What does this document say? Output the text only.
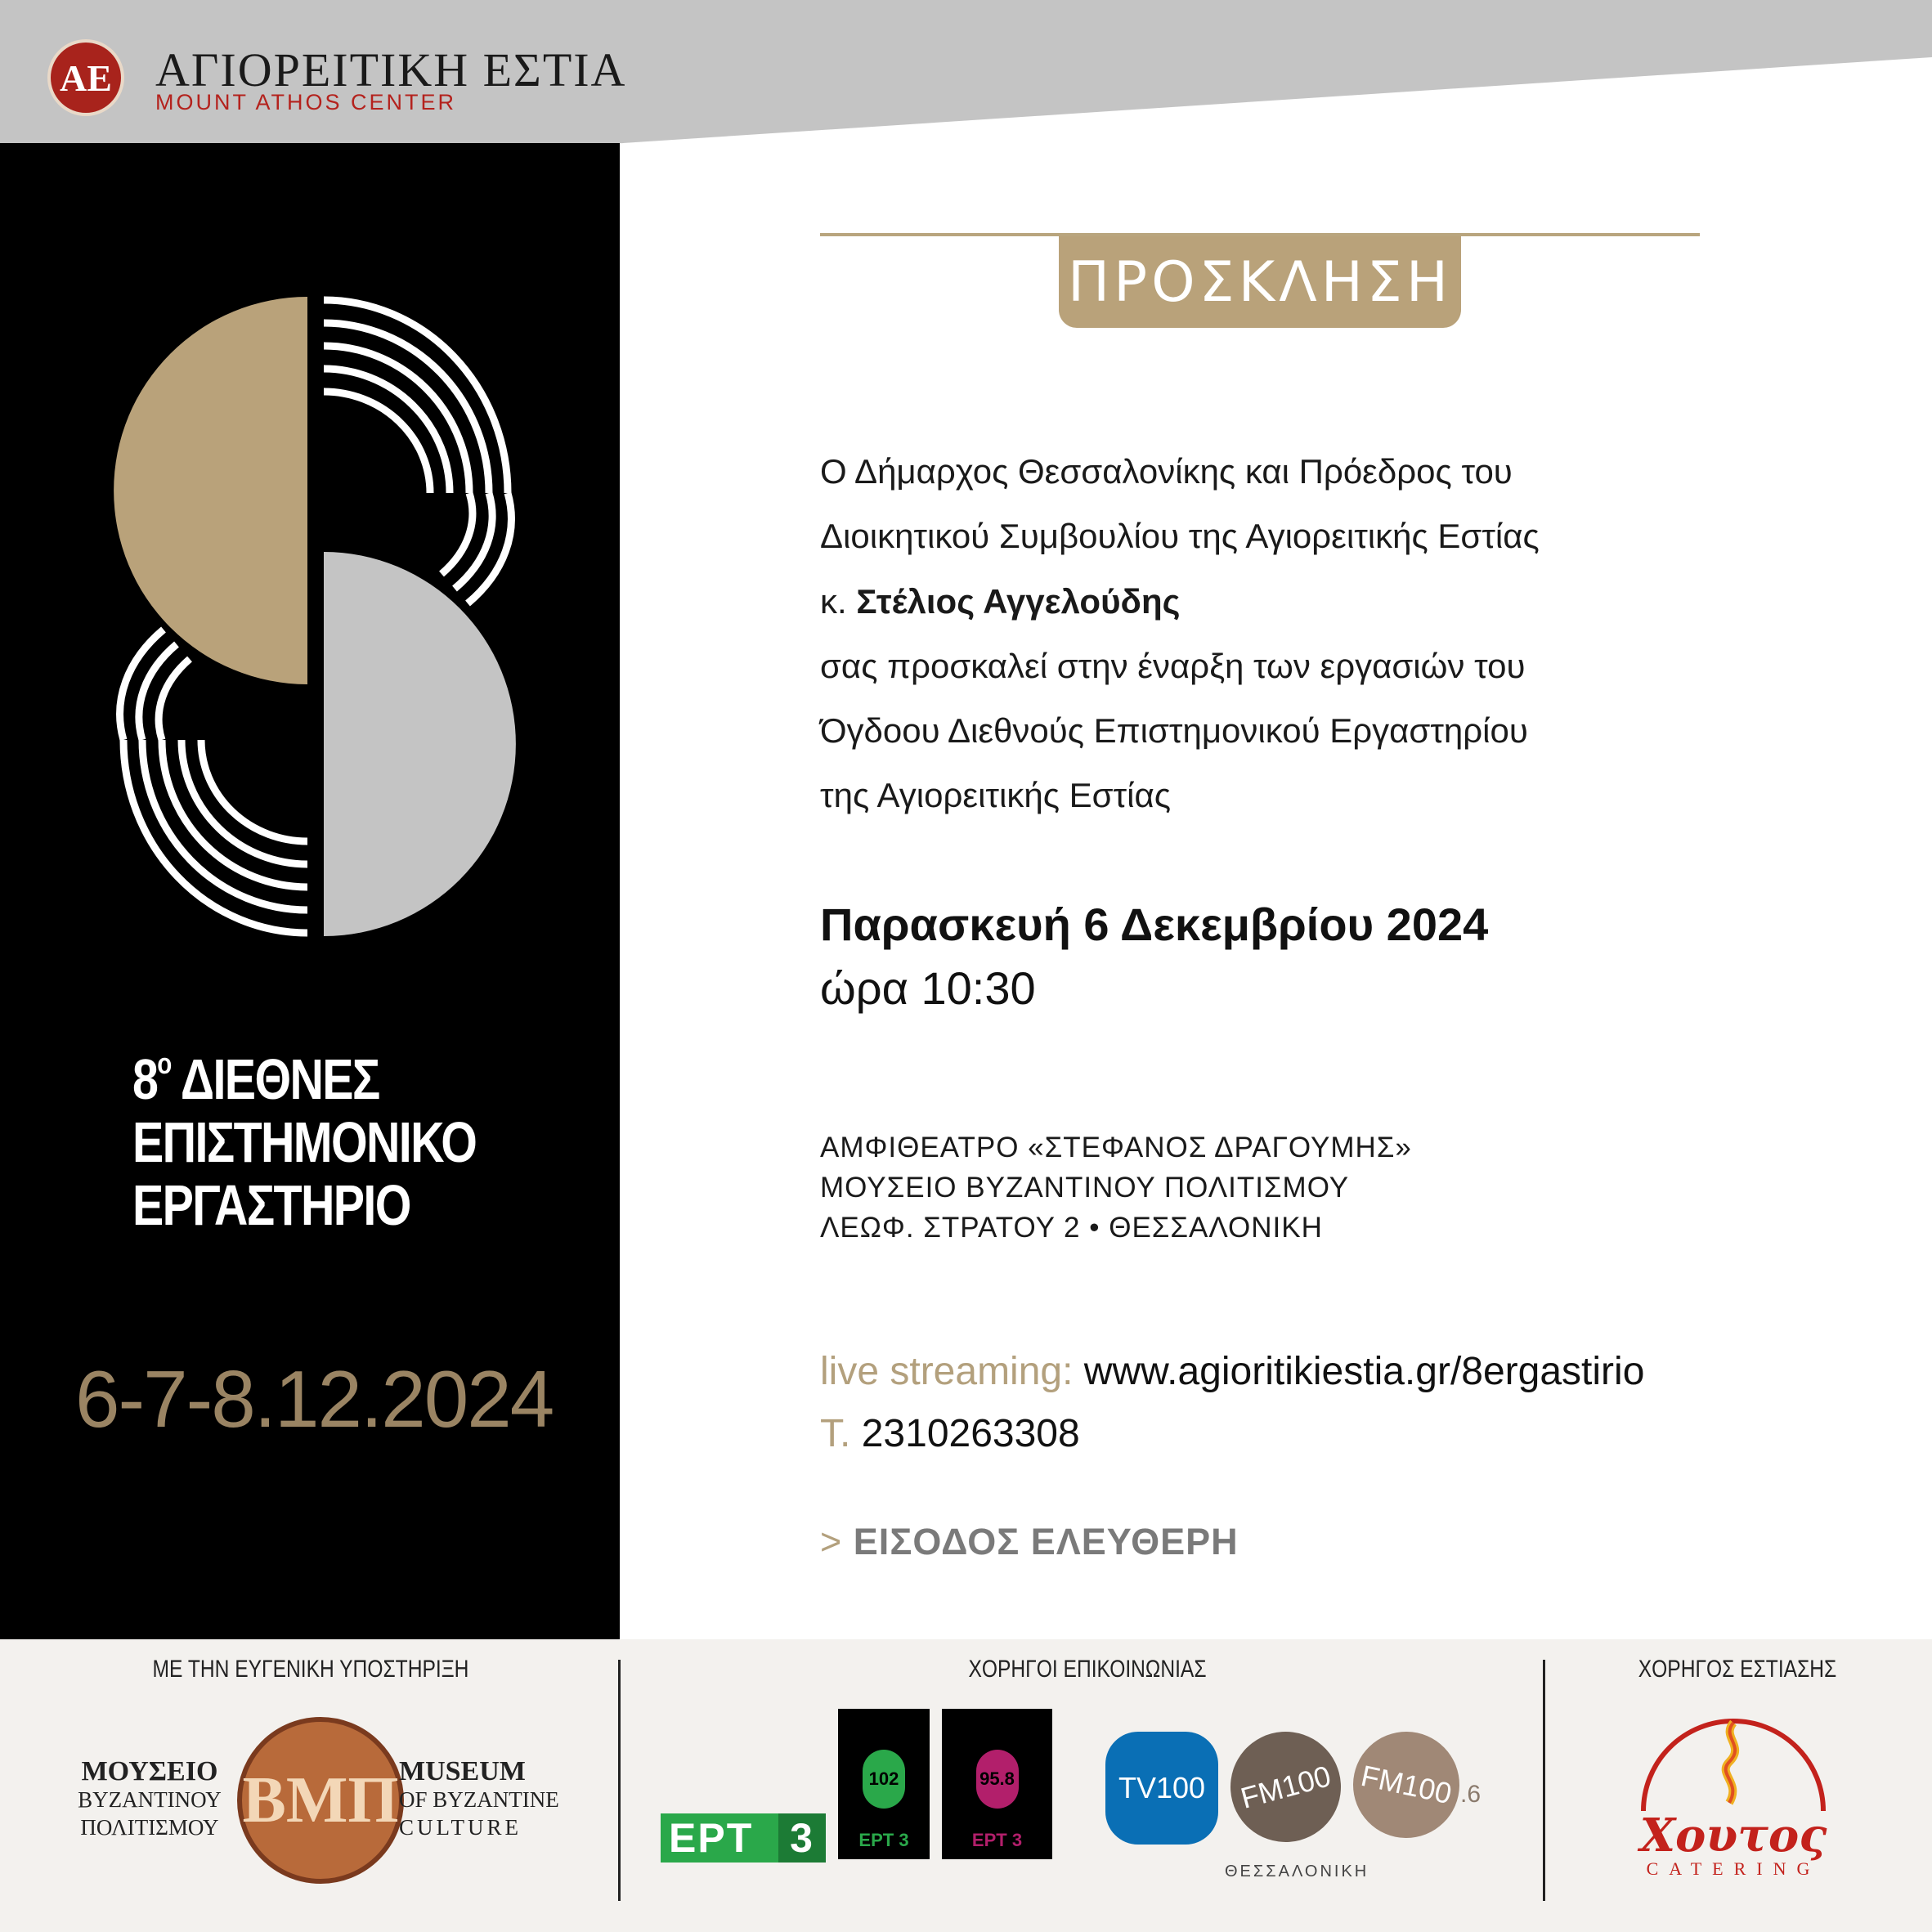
ΑΕ ΑΓΙΟΡΕΙΤΙΚΗ ΕΣΤΙΑ
MOUNT ATHOS CENTER
$8^o$ ΔΙΕΘΝΕΣ
ΕΠΙΣΤΗΜΟΝΙΚΟ
ΕΡΓΑΣΤΗΡΙΟ
6-7-8.12.2024
ΠΡΟΣΚΛΗΣΗ
Ο Δήμαρχος Θεσσαλονίκης και Πρόεδρος του
Διοικητικού Συμβουλίου της Αγιορειτικής Εστίας
κ. Στέλιος Αγγελούδης
σας προσκαλεί στην έναρξη των εργασιών του
Όγδοου Διεθνούς Επιστημονικού Εργαστηρίου
της Αγιορειτικής Εστίας
Παρασκευή 6 Δεκεμβρίου 2024
ώρα 10:30
ΑΜΦΙΘΕΑΤΡΟ «ΣΤΕΦΑΝΟΣ ΔΡΑΓΟΥΜΗΣ»
ΜΟΥΣΕΙΟ ΒΥΖΑΝΤΙΝΟΥ ΠΟΛΙΤΙΣΜΟΥ
ΛΕΩΦ. ΣΤΡΑΤΟΥ 2 • ΘΕΣΣΑΛΟΝΙΚΗ
live streaming: www.agioritikiestia.gr/8ergastirio
Τ. 2310263308
> ΕΙΣΟΔΟΣ ΕΛΕΥΘΕΡΗ
ΜΕ ΤΗΝ ΕΥΓΕΝΙΚΗ ΥΠΟΣΤΗΡΙΞΗ	ΧΟΡΗΓΟΙ ΕΠΙΚΟΙΝΩΝΙΑΣ	ΧΟΡΗΓΟΣ ΕΣΤΙΑΣΗΣ
ΜΟΥΣΕΙΟ
ΒΥΖΑΝΤΙΝΟΥ
ΠΟΛΙΤΙΣΜΟΥ ΒΜΠ MUSEUM
OF BYZANTINE
CULTURE	ΕΡΤ 3
102
ΕΡΤ 3
95.8
ΕΡΤ 3
TV100	FM100 FM100 .6
ΘΕΣΣΑΛΟΝΙΚΗ
Χουτος
CATERING
